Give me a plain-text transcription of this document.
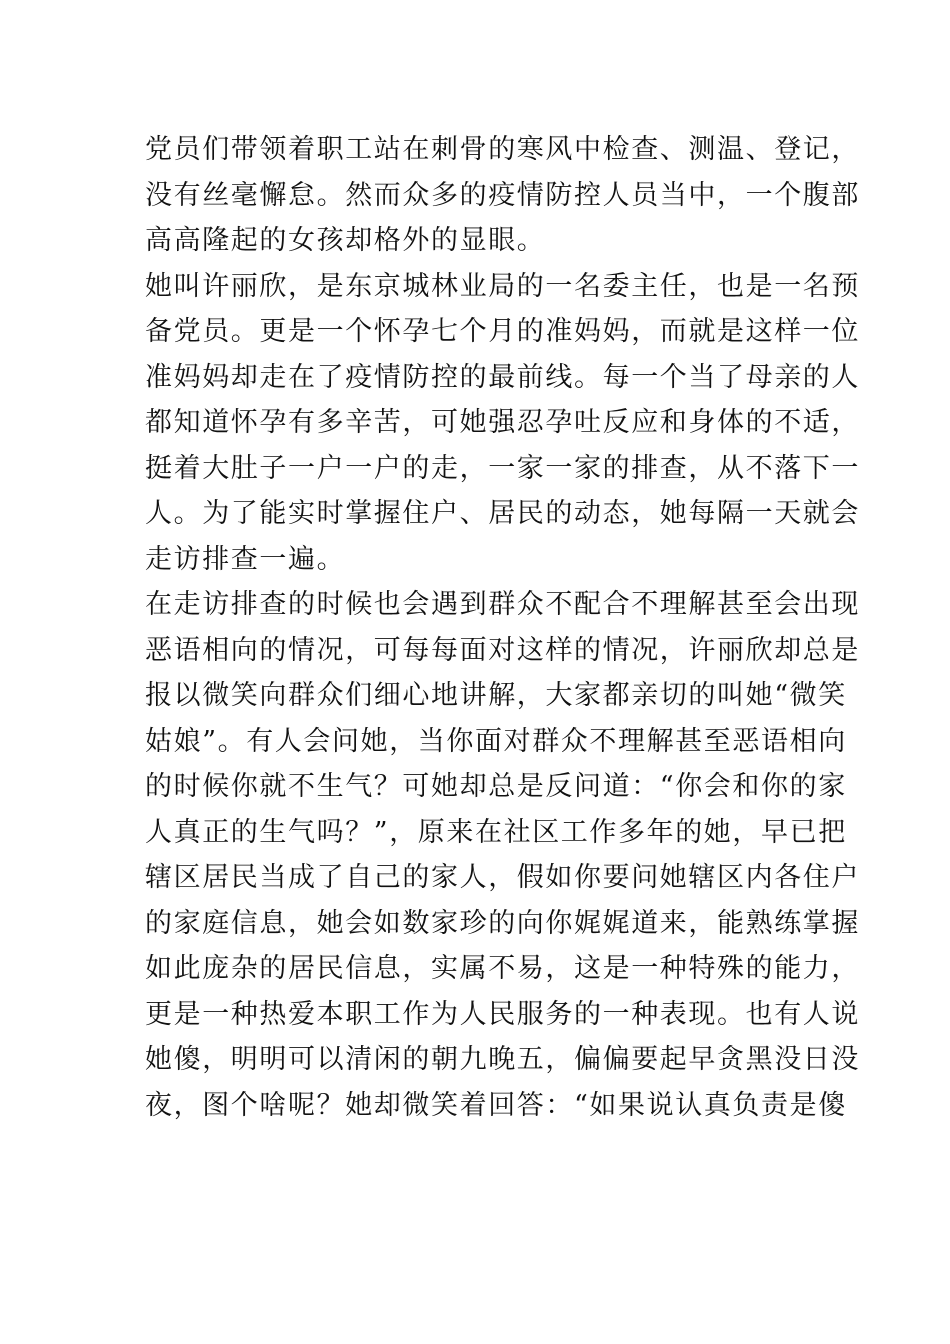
党员们带领着职工站在刺骨的寒风中检查、测温、登记，
没有丝毫懈怠。然而众多的疫情防控人员当中，一个腹部
高高隆起的女孩却格外的显眼。
她叫许丽欣，是东京城林业局的一名委主任，也是一名预
备党员。更是一个怀孕七个月的准妈妈，而就是这样一位
准妈妈却走在了疫情防控的最前线。每一个当了母亲的人
都知道怀孕有多辛苦，可她强忍孕吐反应和身体的不适，
挺着大肚子一户一户的走，一家一家的排查，从不落下一
人。为了能实时掌握住户、居民的动态，她每隔一天就会
走访排查一遍。
在走访排查的时候也会遇到群众不配合不理解甚至会出现
恶语相向的情况，可每每面对这样的情况，许丽欣却总是
报以微笑向群众们细心地讲解，大家都亲切的叫她“微笑
姑娘”。有人会问她，当你面对群众不理解甚至恶语相向
的时候你就不生气？可她却总是反问道：“你会和你的家
人真正的生气吗？”，原来在社区工作多年的她，早已把
辖区居民当成了自己的家人，假如你要问她辖区内各住户
的家庭信息，她会如数家珍的向你娓娓道来，能熟练掌握
如此庞杂的居民信息，实属不易，这是一种特殊的能力，
更是一种热爱本职工作为人民服务的一种表现。也有人说
她傻，明明可以清闲的朝九晚五，偏偏要起早贪黑没日没
夜，图个啥呢？她却微笑着回答：“如果说认真负责是傻
